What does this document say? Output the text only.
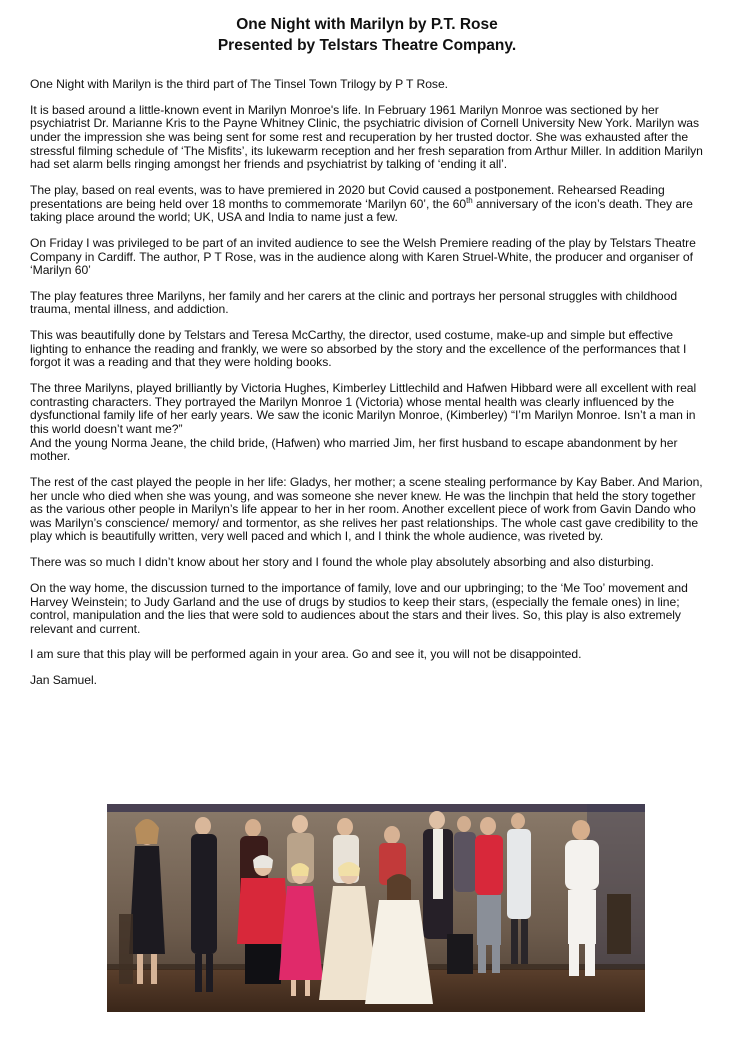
One Night with Marilyn by P.T. Rose
Presented by Telstars Theatre Company.

One Night with Marilyn is the third part of The Tinsel Town Trilogy by P T Rose.

It is based around a little-known event in Marilyn Monroe's life. In February 1961 Marilyn Monroe was sectioned by her psychiatrist Dr. Marianne Kris to the Payne Whitney Clinic, the psychiatric division of Cornell University New York. Marilyn was under the impression she was being sent for some rest and recuperation by her trusted doctor. She was exhausted after the stressful filming schedule of ‘The Misfits’, its lukewarm reception and her fresh separation from Arthur Miller. In addition Marilyn had set alarm bells ringing amongst her friends and psychiatrist by talking of ‘ending it all’.

The play, based on real events, was to have premiered in 2020 but Covid caused a postponement. Rehearsed Reading presentations are being held over 18 months to commemorate ‘Marilyn 60’, the 60th anniversary of the icon’s death. They are taking place around the world; UK, USA and India to name just a few.

On Friday I was privileged to be part of an invited audience to see the Welsh Premiere reading of the play by Telstars Theatre Company in Cardiff. The author, P T Rose, was in the audience along with Karen Struel-White, the producer and organiser of ‘Marilyn 60’

The play features three Marilyns, her family and her carers at the clinic and portrays her personal struggles with childhood trauma, mental illness, and addiction.

This was beautifully done by Telstars and Teresa McCarthy, the director, used costume, make-up and simple but effective lighting to enhance the reading and frankly, we were so absorbed by the story and the excellence of the performances that I forgot it was a reading and that they were holding books.

The three Marilyns, played brilliantly by Victoria Hughes, Kimberley Littlechild and Hafwen Hibbard were all excellent with real contrasting characters. They portrayed the Marilyn Monroe 1 (Victoria) whose mental health was clearly influenced by the dysfunctional family life of her early years. We saw the iconic Marilyn Monroe, (Kimberley) “I’m Marilyn Monroe. Isn’t a man in this world doesn’t want me?”
And the young Norma Jeane, the child bride, (Hafwen) who married Jim, her first husband to escape abandonment by her mother.

The rest of the cast played the people in her life: Gladys, her mother; a scene stealing performance by Kay Baber. And Marion, her uncle who died when she was young, and was someone she never knew. He was the linchpin that held the story together as the various other people in Marilyn’s life appear to her in her room. Another excellent piece of work from Gavin Dando who was Marilyn’s conscience/ memory/ and tormentor, as she relives her past relationships. The whole cast gave credibility to the play which is beautifully written, very well paced and which I, and I think the whole audience, was riveted by.

There was so much I didn’t know about her story and I found the whole play absolutely absorbing and also disturbing.

On the way home, the discussion turned to the importance of family, love and our upbringing; to the ‘Me Too’ movement and Harvey Weinstein; to Judy Garland and the use of drugs by studios to keep their stars, (especially the female ones) in line; control, manipulation and the lies that were sold to audiences about the stars and their lives. So, this play is also extremely relevant and current.

I am sure that this play will be performed again in your area. Go and see it, you will not be disappointed.

Jan Samuel.
